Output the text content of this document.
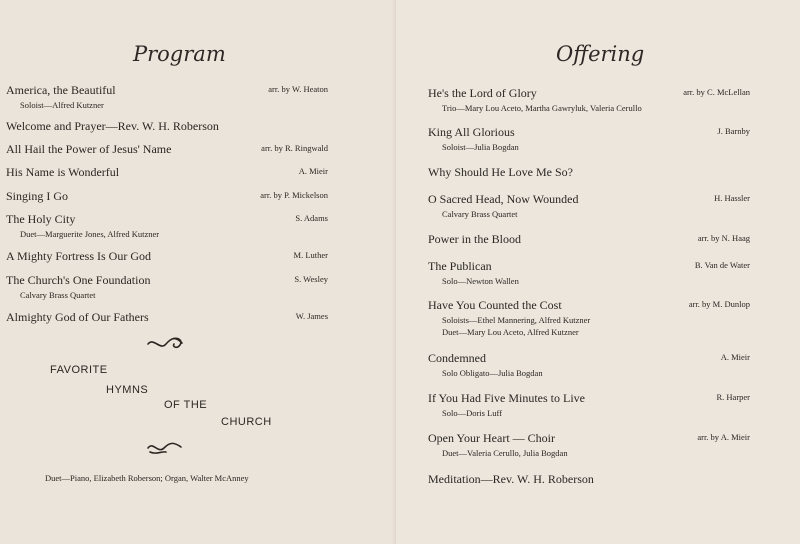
Program
America, the Beautiful	arr. by W. Heaton
Soloist—Alfred Kutzner
Welcome and Prayer—Rev. W. H. Roberson
All Hail the Power of Jesus' Name	arr. by R. Ringwald
His Name is Wonderful	A. Mieir
Singing I Go	arr. by P. Mickelson
The Holy City	S. Adams
Duet—Marguerite Jones, Alfred Kutzner
A Mighty Fortress Is Our God	M. Luther
The Church's One Foundation	S. Wesley
Calvary Brass Quartet
Almighty God of Our Fathers	W. James
FAVORITE
HYMNS
OF THE
CHURCH
Duet—Piano, Elizabeth Roberson; Organ, Walter McAnney
Offering
He's the Lord of Glory	arr. by C. McLellan
Trio—Mary Lou Aceto, Martha Gawryluk, Valeria Cerullo
King All Glorious	J. Barnby
Soloist—Julia Bogdan
Why Should He Love Me So?
O Sacred Head, Now Wounded	H. Hassler
Calvary Brass Quartet
Power in the Blood	arr. by N. Haag
The Publican	B. Van de Water
Solo—Newton Wallen
Have You Counted the Cost	arr. by M. Dunlop
Soloists—Ethel Mannering, Alfred Kutzner
Duet—Mary Lou Aceto, Alfred Kutzner
Condemned	A. Mieir
Solo Obligato—Julia Bogdan
If You Had Five Minutes to Live	R. Harper
Solo—Doris Luff
Open Your Heart — Choir	arr. by A. Mieir
Duet—Valeria Cerullo, Julia Bogdan
Meditation—Rev. W. H. Roberson
